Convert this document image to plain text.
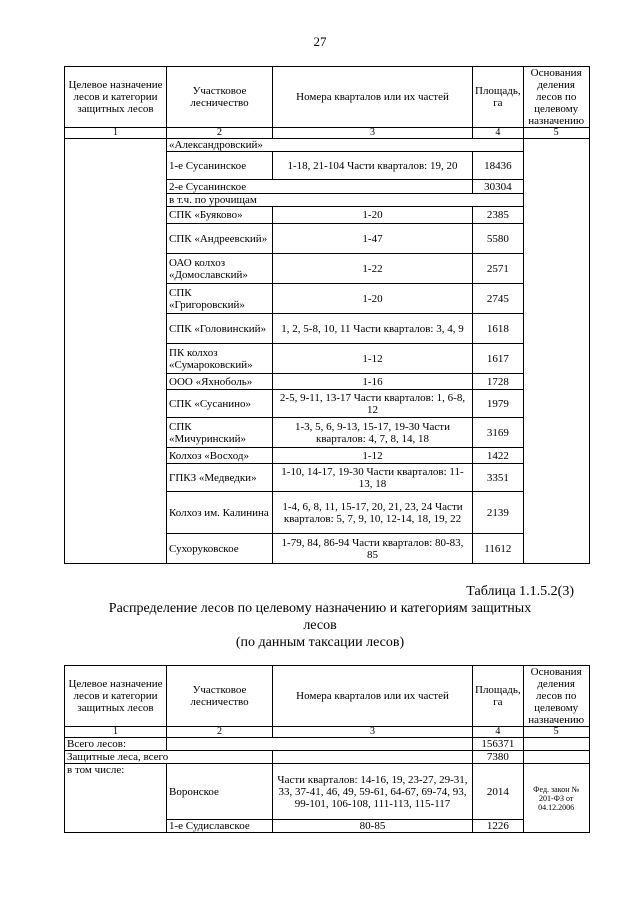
27
Целевое назначение лесов и категории защитных лесов	Участковое лесничество	Номера кварталов или их частей	Площадь, га	Основания деления лесов по целевому назначению
1	2	3	4	5
	«Александровский»			
	1-е Сусанинское	1-18, 21-104 Части кварталов: 19, 20	18436	
	2-е Сусанинское		30304	
	в т.ч. по урочищам			
	СПК «Буяково»	1-20	2385	
	СПК «Андреевский»	1-47	5580	
	ОАО колхоз «Домославский»	1-22	2571	
	СПК «Григоровский»	1-20	2745	
	СПК «Головинский»	1, 2, 5-8, 10, 11 Части кварталов: 3, 4, 9	1618	
	ПК колхоз «Сумароковский»	1-12	1617	
	ООО «Яхноболь»	1-16	1728	
	СПК «Сусанино»	2-5, 9-11, 13-17 Части кварталов: 1, 6-8, 12	1979	
	СПК «Мичуринский»	1-3, 5, 6, 9-13, 15-17, 19-30 Части кварталов: 4, 7, 8, 14, 18	3169	
	Колхоз «Восход»	1-12	1422	
	ГПКЗ «Медведки»	1-10, 14-17, 19-30 Части кварталов: 11-13, 18	3351	
	Колхоз им. Калинина	1-4, 6, 8, 11, 15-17, 20, 21, 23, 24 Части кварталов: 5, 7, 9, 10, 12-14, 18, 19, 22	2139	
	Сухоруковское	1-79, 84, 86-94 Части кварталов: 80-83, 85	11612	
Таблица 1.1.5.2(3)
Распределение лесов по целевому назначению и категориям защитных
лесов
(по данным таксации лесов)
Целевое назначение лесов и категории защитных лесов	Участковое лесничество	Номера кварталов или их частей	Площадь, га	Основания деления лесов по целевому назначению
1	2	3	4	5
Всего лесов:			156371	
Защитные леса, всего			7380	
в том числе:	Воронское	Части кварталов: 14-16, 19, 23-27, 29-31, 33, 37-41, 46, 49, 59-61, 64-67, 69-74, 93, 99-101, 106-108, 111-113, 115-117	2014	Фед. закон № 201-ФЗ от 04.12.2006
	1-е Судиславское	80-85	1226	
